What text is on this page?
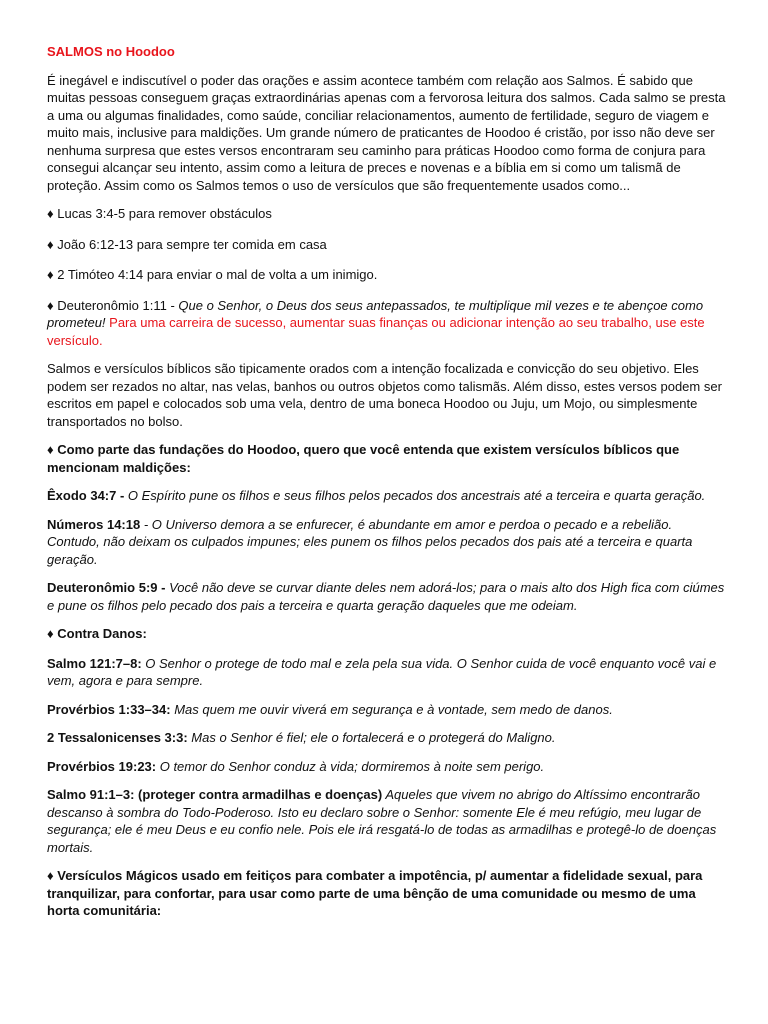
SALMOS no Hoodoo

É inegável e indiscutível o poder das orações e assim acontece também com relação aos Salmos. É sabido que muitas pessoas conseguem graças extraordinárias apenas com a fervorosa leitura dos salmos. Cada salmo se presta a uma ou algumas finalidades, como saúde, conciliar relacionamentos, aumento de fertilidade, seguro de viagem e muito mais, inclusive para maldições. Um grande número de praticantes de Hoodoo é cristão, por isso não deve ser nenhuma surpresa que estes versos encontraram seu caminho para práticas Hoodoo como forma de conjura para consegui alcançar seu intento, assim como a leitura de preces e novenas e a bíblia em si como um talismã de proteção. Assim como os Salmos temos o uso de versículos que são frequentemente usados como...

♦ Lucas 3:4-5 para remover obstáculos

♦ João 6:12-13 para sempre ter comida em casa

♦ 2 Timóteo 4:14 para enviar o mal de volta a um inimigo.

♦ Deuteronômio 1:11 - Que o Senhor, o Deus dos seus antepassados, te multiplique mil vezes e te abençoe como prometeu! Para uma carreira de sucesso, aumentar suas finanças ou adicionar intenção ao seu trabalho, use este versículo.

Salmos e versículos bíblicos são tipicamente orados com a intenção focalizada e convicção do seu objetivo. Eles podem ser rezados no altar, nas velas, banhos ou outros objetos como talismãs. Além disso, estes versos podem ser escritos em papel e colocados sob uma vela, dentro de uma boneca Hoodoo ou Juju, um Mojo, ou simplesmente transportados no bolso.

♦ Como parte das fundações do Hoodoo, quero que você entenda que existem versículos bíblicos que mencionam maldições:

Êxodo 34:7 - O Espírito pune os filhos e seus filhos pelos pecados dos ancestrais até a terceira e quarta geração.

Números 14:18 - O Universo demora a se enfurecer, é abundante em amor e perdoa o pecado e a rebelião. Contudo, não deixam os culpados impunes; eles punem os filhos pelos pecados dos pais até a terceira e quarta geração.

Deuteronômio 5:9 - Você não deve se curvar diante deles nem adorá-los; para o mais alto dos High fica com ciúmes e pune os filhos pelo pecado dos pais a terceira e quarta geração daqueles que me odeiam.

♦ Contra Danos:

Salmo 121:7–8: O Senhor o protege de todo mal e zela pela sua vida. O Senhor cuida de você enquanto você vai e vem, agora e para sempre.

Provérbios 1:33–34: Mas quem me ouvir viverá em segurança e à vontade, sem medo de danos.

2 Tessalonicenses 3:3: Mas o Senhor é fiel; ele o fortalecerá e o protegerá do Maligno.

Provérbios 19:23: O temor do Senhor conduz à vida; dormiremos à noite sem perigo.

Salmo 91:1–3: (proteger contra armadilhas e doenças) Aqueles que vivem no abrigo do Altíssimo encontrarão descanso à sombra do Todo-Poderoso. Isto eu declaro sobre o Senhor: somente Ele é meu refúgio, meu lugar de segurança; ele é meu Deus e eu confio nele. Pois ele irá resgatá-lo de todas as armadilhas e protegê-lo de doenças mortais.

♦ Versículos Mágicos usado em feitiços para combater a impotência, p/ aumentar a fidelidade sexual, para tranquilizar, para confortar, para usar como parte de uma bênção de uma comunidade ou mesmo de uma horta comunitária:
